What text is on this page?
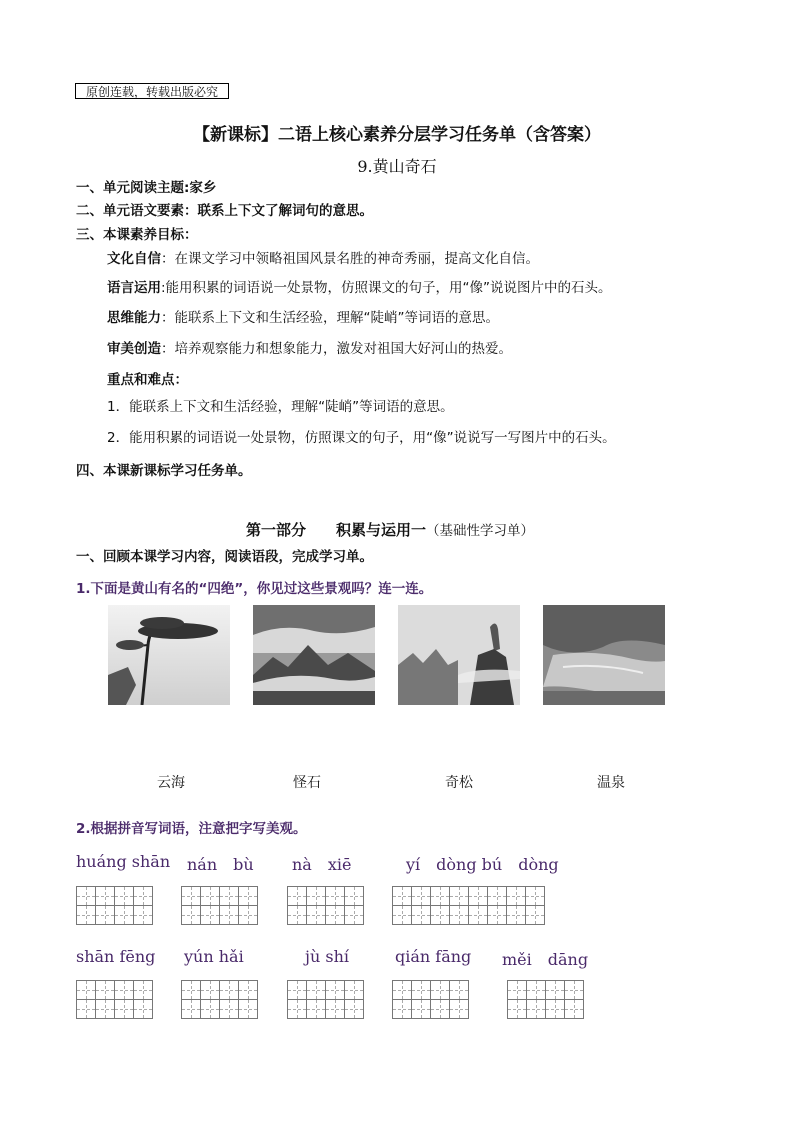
原创连载，转载出版必究
【新课标】二语上核心素养分层学习任务单（含答案）
9.黄山奇石
一、单元阅读主题:家乡
二、单元语文要素：联系上下文了解词句的意思。
三、本课素养目标：
文化自信：在课文学习中领略祖国风景名胜的神奇秀丽，提高文化自信。
语言运用:能用积累的词语说一处景物，仿照课文的句子，用“像”说说图片中的石头。
思维能力：能联系上下文和生活经验，理解“陡峭”等词语的意思。
审美创造：培养观察能力和想象能力，激发对祖国大好河山的热爱。
重点和难点：
1．能联系上下文和生活经验，理解“陡峭”等词语的意思。
2．能用积累的词语说一处景物，仿照课文的句子，用“像”说说写一写图片中的石头。
四、本课新课标学习任务单。
第一部分　　积累与运用一（基础性学习单）
一、回顾本课学习内容，阅读语段，完成学习单。
1.下面是黄山有名的“四绝”，你见过这些景观吗？连一连。
云海	怪石	奇松	温泉
2.根据拼音写词语，注意把字写美观。
huáng shān nán　bù nà　xiē	yí　dòng bú　dòng
shān fēng yún hǎi	jù shí	qián fāng měi　dāng
